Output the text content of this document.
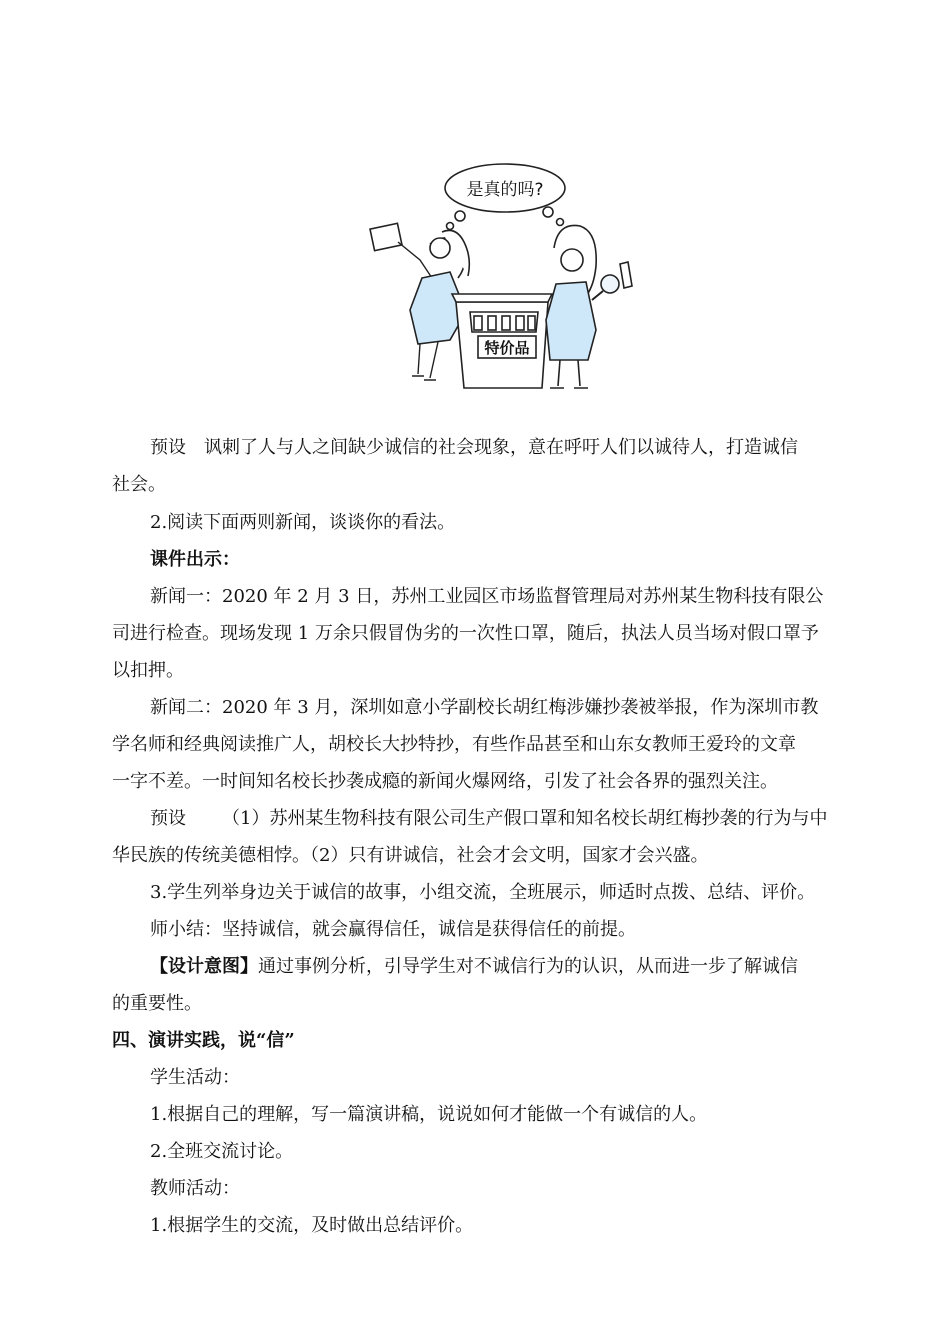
是真的吗?
特价品
预设 讽刺了人与人之间缺少诚信的社会现象，意在呼吁人们以诚待人，打造诚信
社会。
2.阅读下面两则新闻，谈谈你的看法。
课件出示：
新闻一：2020 年 2 月 3 日，苏州工业园区市场监督管理局对苏州某生物科技有限公
司进行检查。现场发现 1 万余只假冒伪劣的一次性口罩，随后，执法人员当场对假口罩予
以扣押。
新闻二：2020 年 3 月，深圳如意小学副校长胡红梅涉嫌抄袭被举报，作为深圳市教
学名师和经典阅读推广人，胡校长大抄特抄，有些作品甚至和山东女教师王爱玲的文章
一字不差。一时间知名校长抄袭成瘾的新闻火爆网络，引发了社会各界的强烈关注。
预设 （1）苏州某生物科技有限公司生产假口罩和知名校长胡红梅抄袭的行为与中
华民族的传统美德相悖。（2）只有讲诚信，社会才会文明，国家才会兴盛。
3.学生列举身边关于诚信的故事，小组交流，全班展示，师适时点拨、总结、评价。
师小结：坚持诚信，就会赢得信任，诚信是获得信任的前提。
【设计意图】通过事例分析，引导学生对不诚信行为的认识，从而进一步了解诚信
的重要性。
四、演讲实践，说“信”
学生活动：
1.根据自己的理解，写一篇演讲稿，说说如何才能做一个有诚信的人。
2.全班交流讨论。
教师活动：
1.根据学生的交流，及时做出总结评价。
